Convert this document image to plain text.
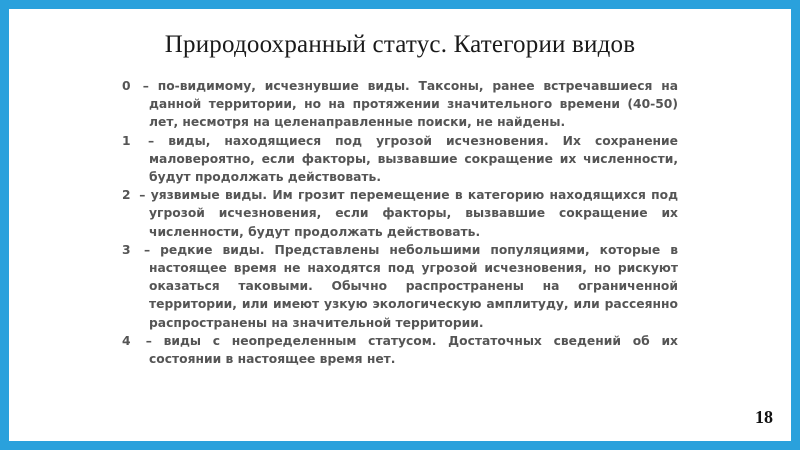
Природоохранный статус. Категории видов

0 – по-видимому, исчезнувшие виды. Таксоны, ранее встречавшиеся на данной территории, но на протяжении значительного времени (40-50) лет, несмотря на целенаправленные поиски, не найдены.

1 – виды, находящиеся под угрозой исчезновения. Их сохранение маловероятно, если факторы, вызвавшие сокращение их численности, будут продолжать действовать.

2 – уязвимые виды. Им грозит перемещение в категорию находящихся под угрозой исчезновения, если факторы, вызвавшие сокращение их численности, будут продолжать действовать.

3 – редкие виды. Представлены небольшими популяциями, которые в настоящее время не находятся под угрозой исчезновения, но рискуют оказаться таковыми. Обычно распространены на ограниченной территории, или имеют узкую экологическую амплитуду, или рассеянно распространены на значительной территории.

4 – виды с неопределенным статусом. Достаточных сведений об их состоянии в настоящее время нет.

18
